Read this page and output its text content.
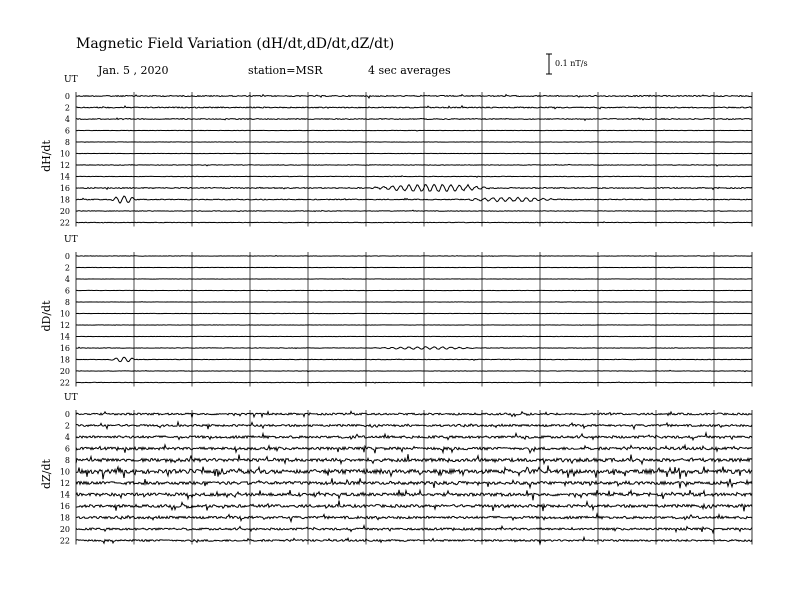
Magnetic Field Variation (dH/dt,dD/dt,dZ/dt)
Jan. 5 , 2020	station=MSR	4 sec averages
0.1 nT/s
UT
dH/dt
0
2
4
6
8
10
12
14
16
18
20
22
UT
dD/dt
0
2
4
6
8
10
12
14
16
18
20
22
UT
dZ/dt
0
2
4
6
8
10
12
14
16
18
20
22
